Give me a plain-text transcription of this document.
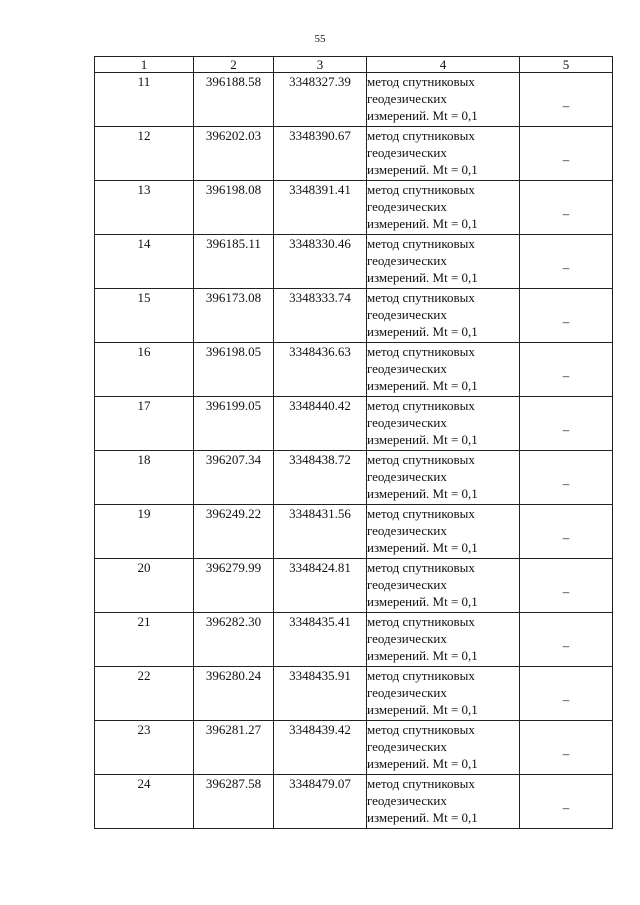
55
1	2	3	4	5
11	396188.58	3348327.39	метод спутниковых
геодезических
измерений. Mt = 0,1	–
12	396202.03	3348390.67	метод спутниковых
геодезических
измерений. Mt = 0,1	–
13	396198.08	3348391.41	метод спутниковых
геодезических
измерений. Mt = 0,1	–
14	396185.11	3348330.46	метод спутниковых
геодезических
измерений. Mt = 0,1	–
15	396173.08	3348333.74	метод спутниковых
геодезических
измерений. Mt = 0,1	–
16	396198.05	3348436.63	метод спутниковых
геодезических
измерений. Mt = 0,1	–
17	396199.05	3348440.42	метод спутниковых
геодезических
измерений. Mt = 0,1	–
18	396207.34	3348438.72	метод спутниковых
геодезических
измерений. Mt = 0,1	–
19	396249.22	3348431.56	метод спутниковых
геодезических
измерений. Mt = 0,1	–
20	396279.99	3348424.81	метод спутниковых
геодезических
измерений. Mt = 0,1	–
21	396282.30	3348435.41	метод спутниковых
геодезических
измерений. Mt = 0,1	–
22	396280.24	3348435.91	метод спутниковых
геодезических
измерений. Mt = 0,1	–
23	396281.27	3348439.42	метод спутниковых
геодезических
измерений. Mt = 0,1	–
24	396287.58	3348479.07	метод спутниковых
геодезических
измерений. Mt = 0,1	–
